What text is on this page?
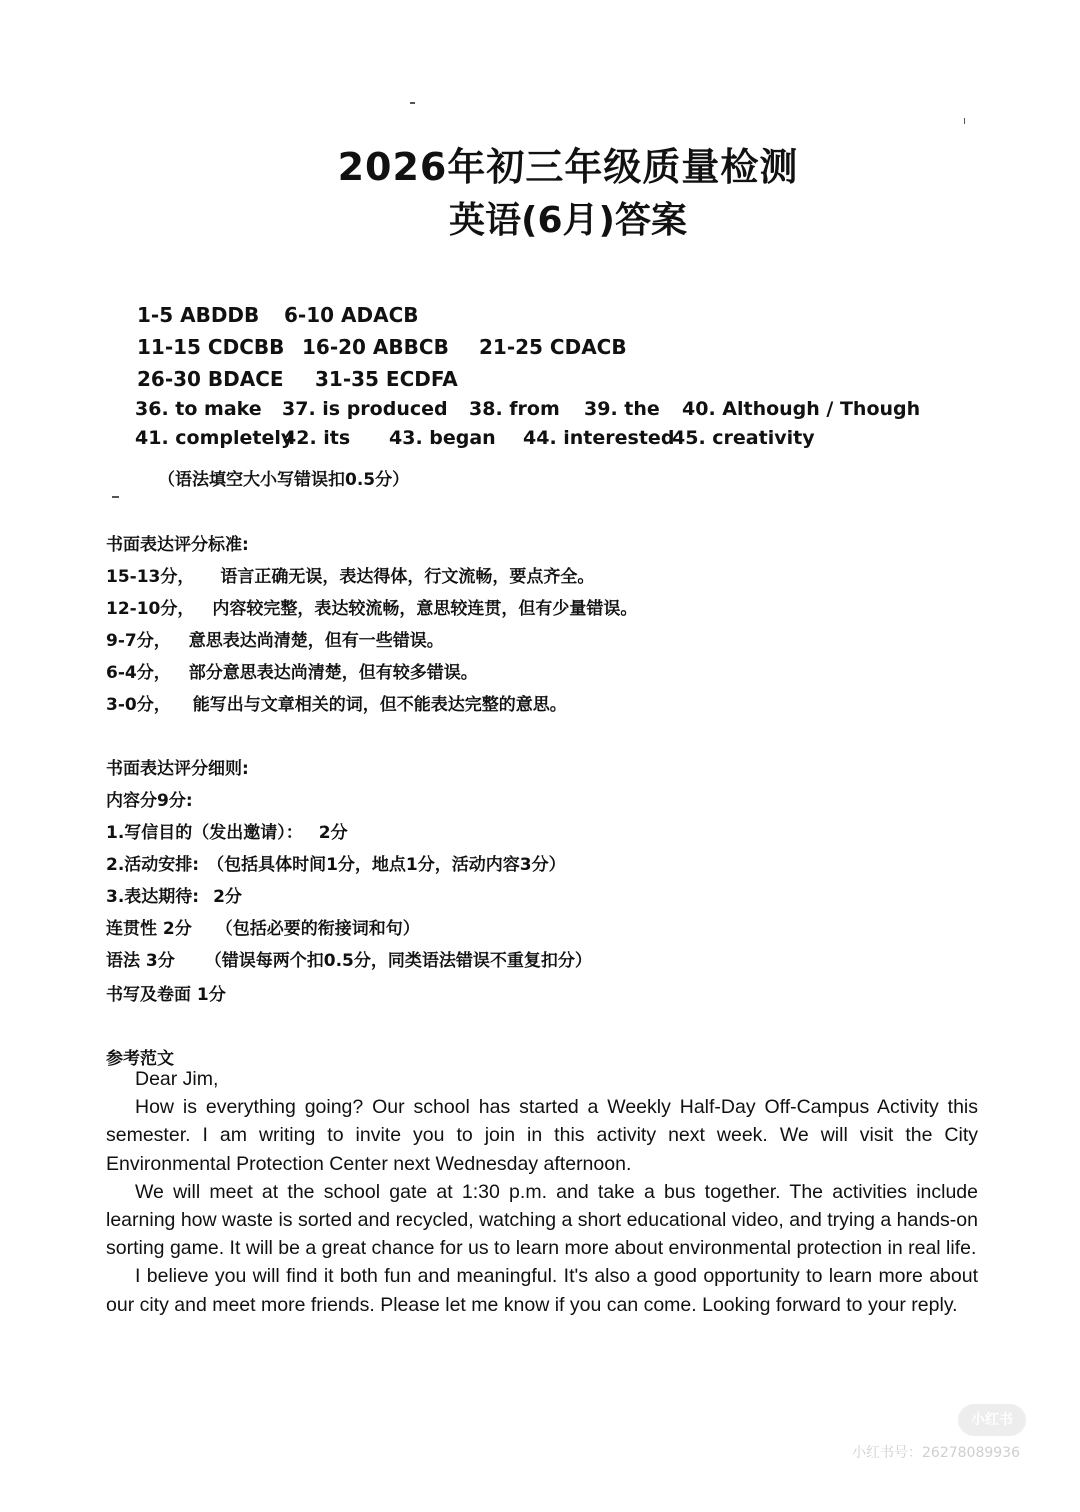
2026年初三年级质量检测
英语(6月)答案
1-5 ABDDB 6-10 ADACB
11-15 CDCBB 16-20 ABBCB 21-25 CDACB
26-30 BDACE 31-35 ECDFA
36. to make 37. is produced 38. from 39. the 40. Although / Though
41. completely
42. its 43. began 44. interested
45. creativity
（语法填空大小写错误扣0.5分）
书面表达评分标准:
15-13分， 语言正确无误，表达得体，行文流畅，要点齐全。
12-10分， 内容较完整，表达较流畅，意思较连贯，但有少量错误。
9-7分， 意思表达尚清楚，但有一些错误。
6-4分， 部分意思表达尚清楚，但有较多错误。
3-0分， 能写出与文章相关的词，但不能表达完整的意思。
书面表达评分细则:
内容分9分:
1.写信目的（发出邀请）： 2分
2.活动安排: （包括具体时间1分，地点1分，活动内容3分）
3.表达期待: 2分
连贯性 2分 （包括必要的衔接词和句）
语法 3分 （错误每两个扣0.5分，同类语法错误不重复扣分）
书写及卷面 1分
参考范文
Dear Jim,

How is everything going? Our school has started a Weekly Half-Day Off-Campus Activity this semester. I am writing to invite you to join in this activity next week. We will visit the City Environmental Protection Center next Wednesday afternoon.

We will meet at the school gate at 1:30 p.m. and take a bus together. The activities include learning how waste is sorted and recycled, watching a short educational video, and trying a hands-on sorting game. It will be a great chance for us to learn more about environmental protection in real life.

I believe you will find it both fun and meaningful. It's also a good opportunity to learn more about our city and meet more friends. Please let me know if you can come. Looking forward to your reply.

小红书
小红书号：26278089936
